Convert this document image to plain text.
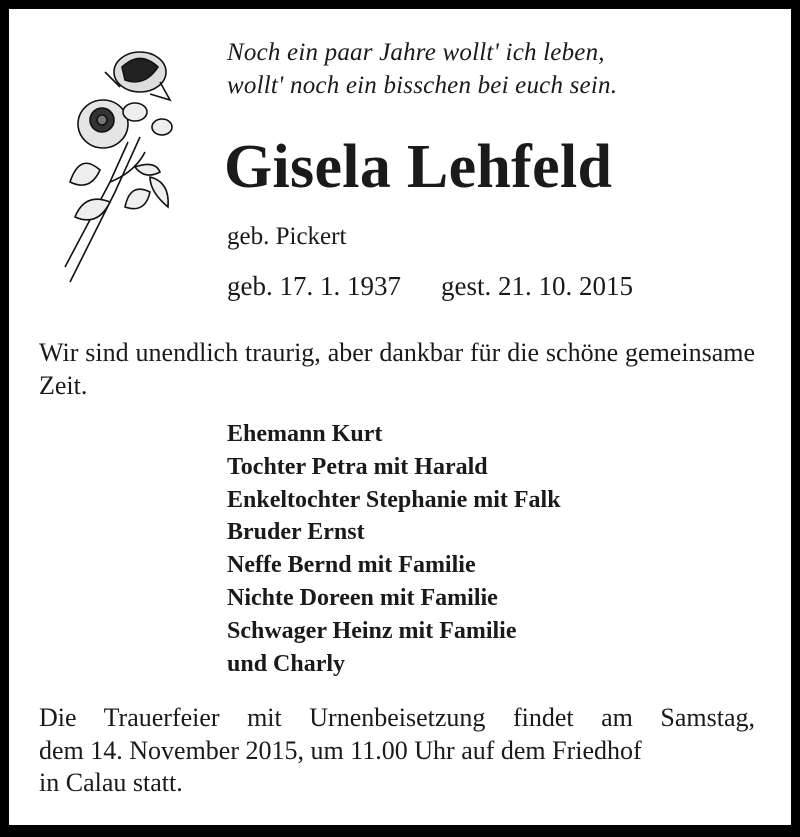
Noch ein paar Jahre wollt' ich leben,
wollt' noch ein bisschen bei euch sein.
Gisela Lehfeld
geb. Pickert
geb. 17. 1. 1937 gest. 21. 10. 2015
Wir sind unendlich traurig, aber dankbar für die schöne gemeinsame Zeit.
Ehemann Kurt
Tochter Petra mit Harald
Enkeltochter Stephanie mit Falk
Bruder Ernst
Neffe Bernd mit Familie
Nichte Doreen mit Familie
Schwager Heinz mit Familie
und Charly
Die Trauerfeier mit Urnenbeisetzung findet am Samstag,
dem 14. November 2015, um 11.00 Uhr auf dem Friedhof
in Calau statt.
